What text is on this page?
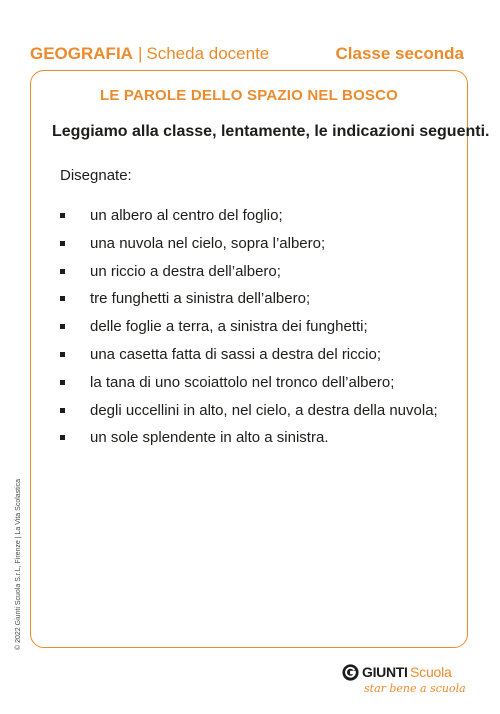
GEOGRAFIA | Scheda docente	Classe seconda
LE PAROLE DELLO SPAZIO NEL BOSCO
Leggiamo alla classe, lentamente, le indicazioni seguenti.
Disegnate:
un albero al centro del foglio;
una nuvola nel cielo, sopra l’albero;
un riccio a destra dell’albero;
tre funghetti a sinistra dell’albero;
delle foglie a terra, a sinistra dei funghetti;
una casetta fatta di sassi a destra del riccio;
la tana di uno scoiattolo nel tronco dell’albero;
degli uccellini in alto, nel cielo, a destra della nuvola;
un sole splendente in alto a sinistra.
© 2022 Giunti Scuola S.r.L, Firenze | La Vita Scolastica
GIUNTI Scuola
star bene a scuola
